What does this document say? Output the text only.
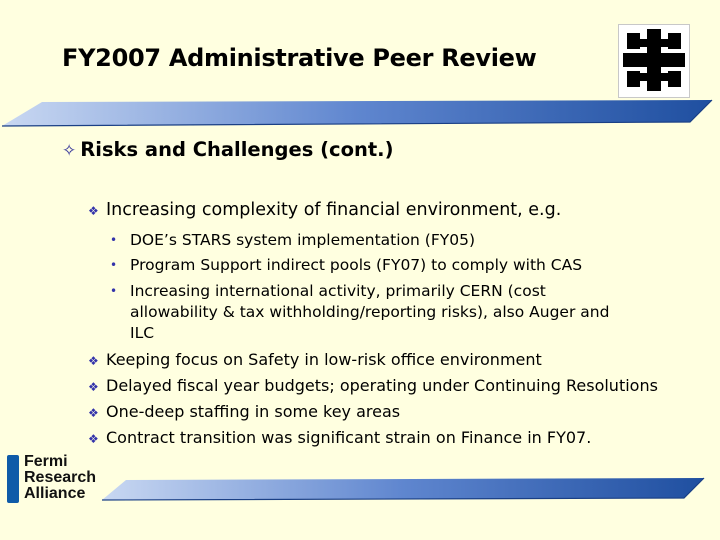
FY2007 Administrative Peer Review
✧ Risks and Challenges (cont.)
❖ Increasing complexity of financial environment, e.g.
• DOE’s STARS system implementation (FY05)
• Program Support indirect pools (FY07) to comply with CAS
• Increasing international activity, primarily CERN (cost allowability & tax withholding/reporting risks), also Auger and ILC
❖ Keeping focus on Safety in low-risk office environment
❖ Delayed fiscal year budgets; operating under Continuing Resolutions
❖ One-deep staffing in some key areas
❖ Contract transition was significant strain on Finance in FY07.
Fermi
Research
Alliance
